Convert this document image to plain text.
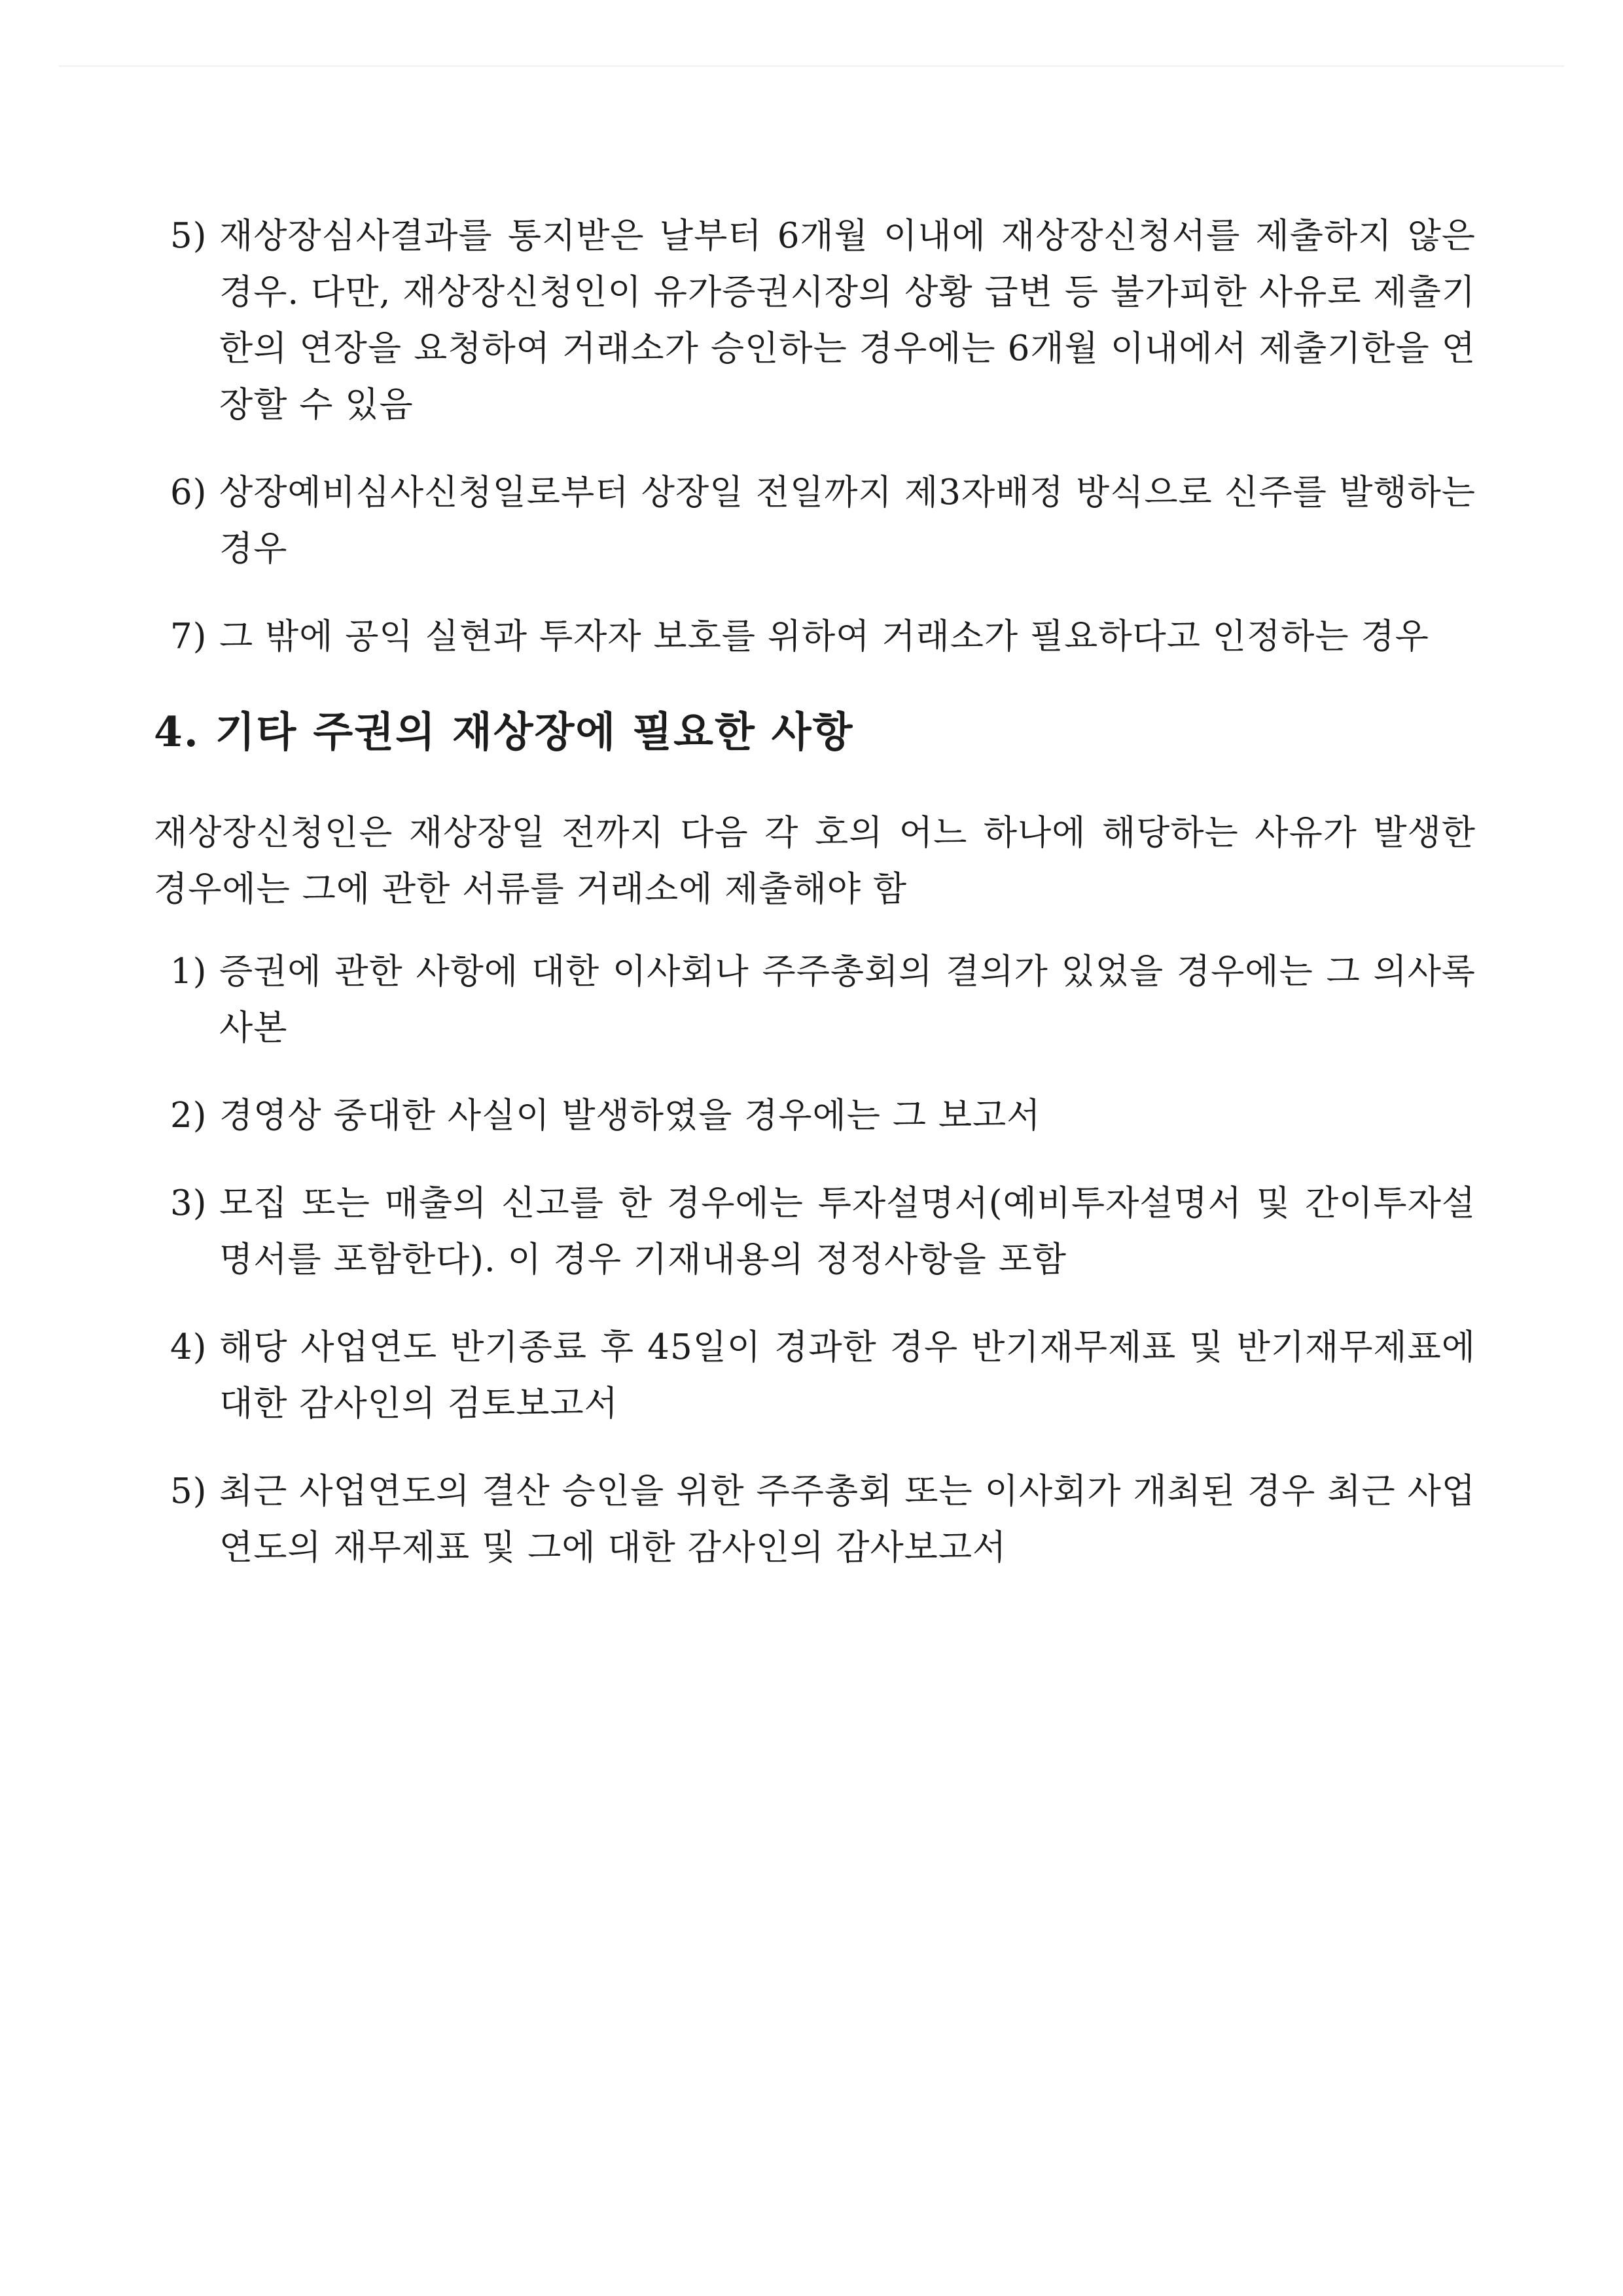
5) 재상장심사결과를 통지받은 날부터 6개월 이내에 재상장신청서를 제출하지 않은 경우. 다만, 재상장신청인이 유가증권시장의 상황 급변 등 불가피한 사유로 제출기한의 연장을 요청하여 거래소가 승인하는 경우에는 6개월 이내에서 제출기한을 연장할 수 있음
6) 상장예비심사신청일로부터 상장일 전일까지 제3자배정 방식으로 신주를 발행하는 경우
7) 그 밖에 공익 실현과 투자자 보호를 위하여 거래소가 필요하다고 인정하는 경우
4. 기타 주권의 재상장에 필요한 사항
재상장신청인은 재상장일 전까지 다음 각 호의 어느 하나에 해당하는 사유가 발생한 경우에는 그에 관한 서류를 거래소에 제출해야 함
1) 증권에 관한 사항에 대한 이사회나 주주총회의 결의가 있었을 경우에는 그 의사록 사본
2) 경영상 중대한 사실이 발생하였을 경우에는 그 보고서
3) 모집 또는 매출의 신고를 한 경우에는 투자설명서(예비투자설명서 및 간이투자설명서를 포함한다). 이 경우 기재내용의 정정사항을 포함
4) 해당 사업연도 반기종료 후 45일이 경과한 경우 반기재무제표 및 반기재무제표에 대한 감사인의 검토보고서
5) 최근 사업연도의 결산 승인을 위한 주주총회 또는 이사회가 개최된 경우 최근 사업연도의 재무제표 및 그에 대한 감사인의 감사보고서
